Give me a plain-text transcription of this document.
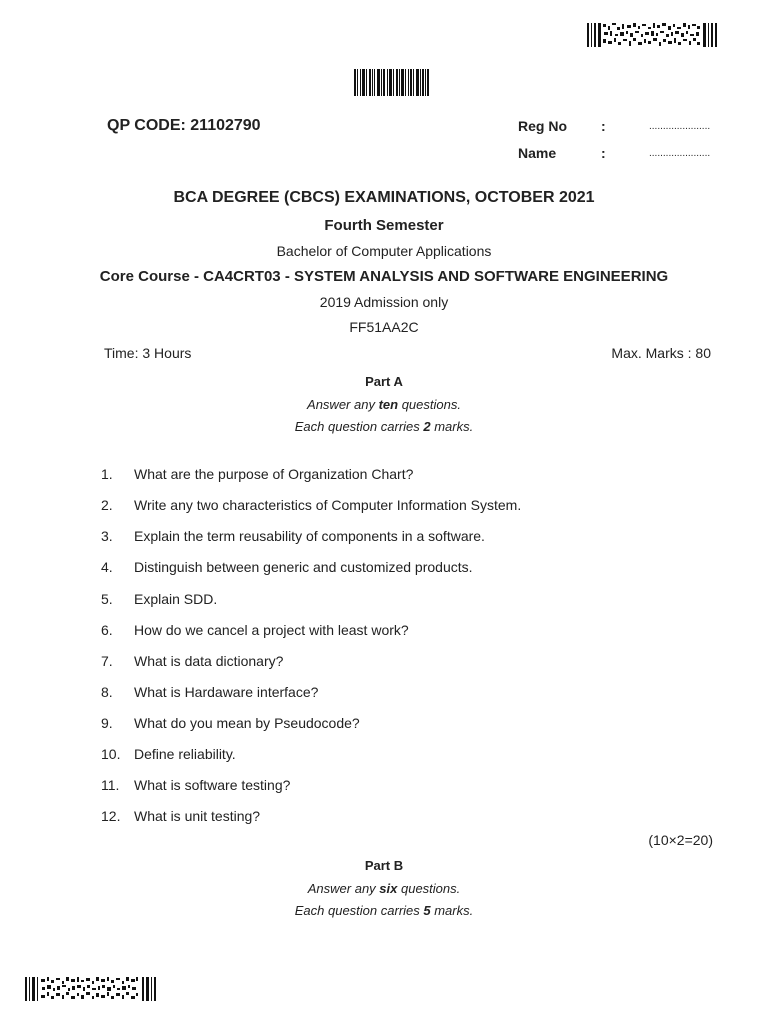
QP CODE: 21102790	Reg No :	......................
Name	:	......................
BCA DEGREE (CBCS) EXAMINATIONS, OCTOBER 2021
Fourth Semester
Bachelor of Computer Applications
Core Course - CA4CRT03 - SYSTEM ANALYSIS AND SOFTWARE ENGINEERING
2019 Admission only
FF51AA2C
Time: 3 Hours	Max. Marks : 80
Part A
Answer any ten questions.
Each question carries 2 marks.
1.	What are the purpose of Organization Chart?
2.	Write any two characteristics of Computer Information System.
3.	Explain the term reusability of components in a software.
4.	Distinguish between generic and customized products.
5.	Explain SDD.
6.	How do we cancel a project with least work?
7.	What is data dictionary?
8.	What is Hardaware interface?
9.	What do you mean by Pseudocode?
10. Define reliability.
11.	What is software testing?
12. What is unit testing?
(10×2=20)
Part B
Answer any six questions.
Each question carries 5 marks.
